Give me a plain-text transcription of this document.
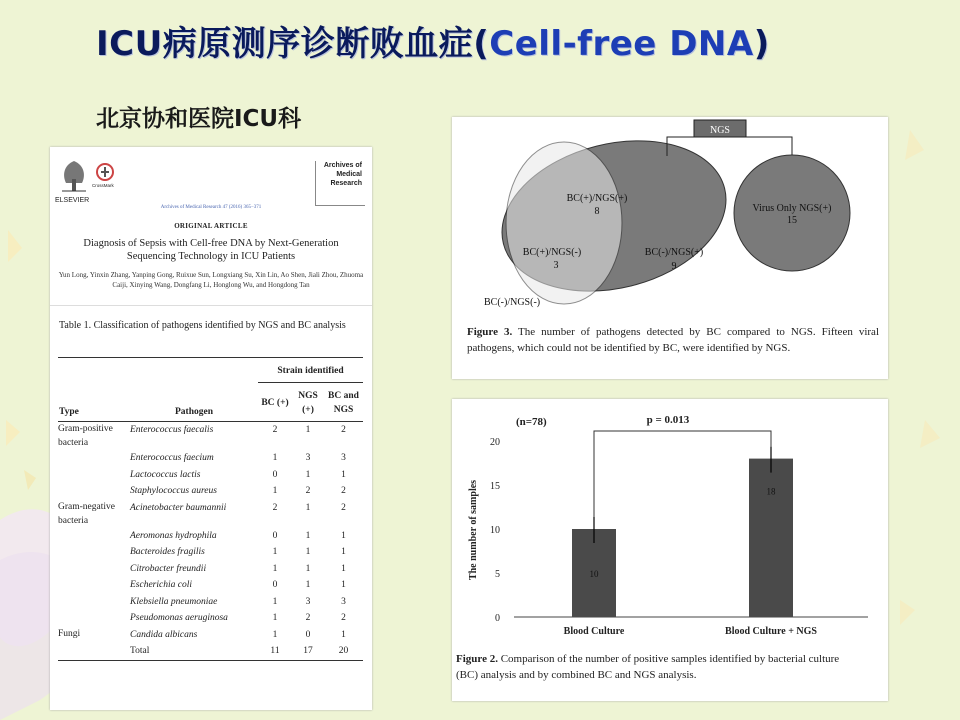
ICU病原测序诊断败血症(Cell-free DNA)
北京协和医院ICU科
ELSEVIER
CrossMark
Archives of Medical Research
Archives of Medical Research 47 (2016) 365−371
ORIGINAL ARTICLE
Diagnosis of Sepsis with Cell-free DNA by Next-Generation Sequencing Technology in ICU Patients
Yun Long, Yinxin Zhang, Yanping Gong, Ruixue Sun, Longxiang Su, Xin Lin, Ao Shen, Jiali Zhou, Zhuoma Caiji, Xinying Wang, Dongfang Li, Honglong Wu, and Hongdong Tan
Table 1. Classification of pathogens identified by NGS and BC analysis
		Strain identified		
Type	Pathogen	BC (+)	NGS (+)	BC and NGS
Gram-positive bacteria	Enterococcus faecalis	2	1	2
	Enterococcus faecium	1	3	3
	Lactococcus lactis	0	1	1
	Staphylococcus aureus	1	2	2
Gram-negative bacteria	Acinetobacter baumannii	2	1	2
	Aeromonas hydrophila	0	1	1
	Bacteroides fragilis	1	1	1
	Citrobacter freundii	1	1	1
	Escherichia coli	0	1	1
	Klebsiella pneumoniae	1	3	3
	Pseudomonas aeruginosa	1	2	2
Fungi	Candida albicans	1	0	1
	Total	11	17	20
NGS
BC(+)/NGS(+)
8
BC(+)/NGS(-)
3
BC(-)/NGS(+)
9
Virus Only NGS(+)
15
BC(-)/NGS(-)
Figure 3. The number of pathogens detected by BC compared to NGS. Fifteen viral pathogens, which could not be identified by BC, were identified by NGS.
The number of samples
(n=78)	p = 0.013
0
5
10
15
20
10
Blood Culture
18
Blood Culture + NGS
Figure 2. Comparison of the number of positive samples identified by bacterial culture (BC) analysis and by combined BC and NGS analysis.
